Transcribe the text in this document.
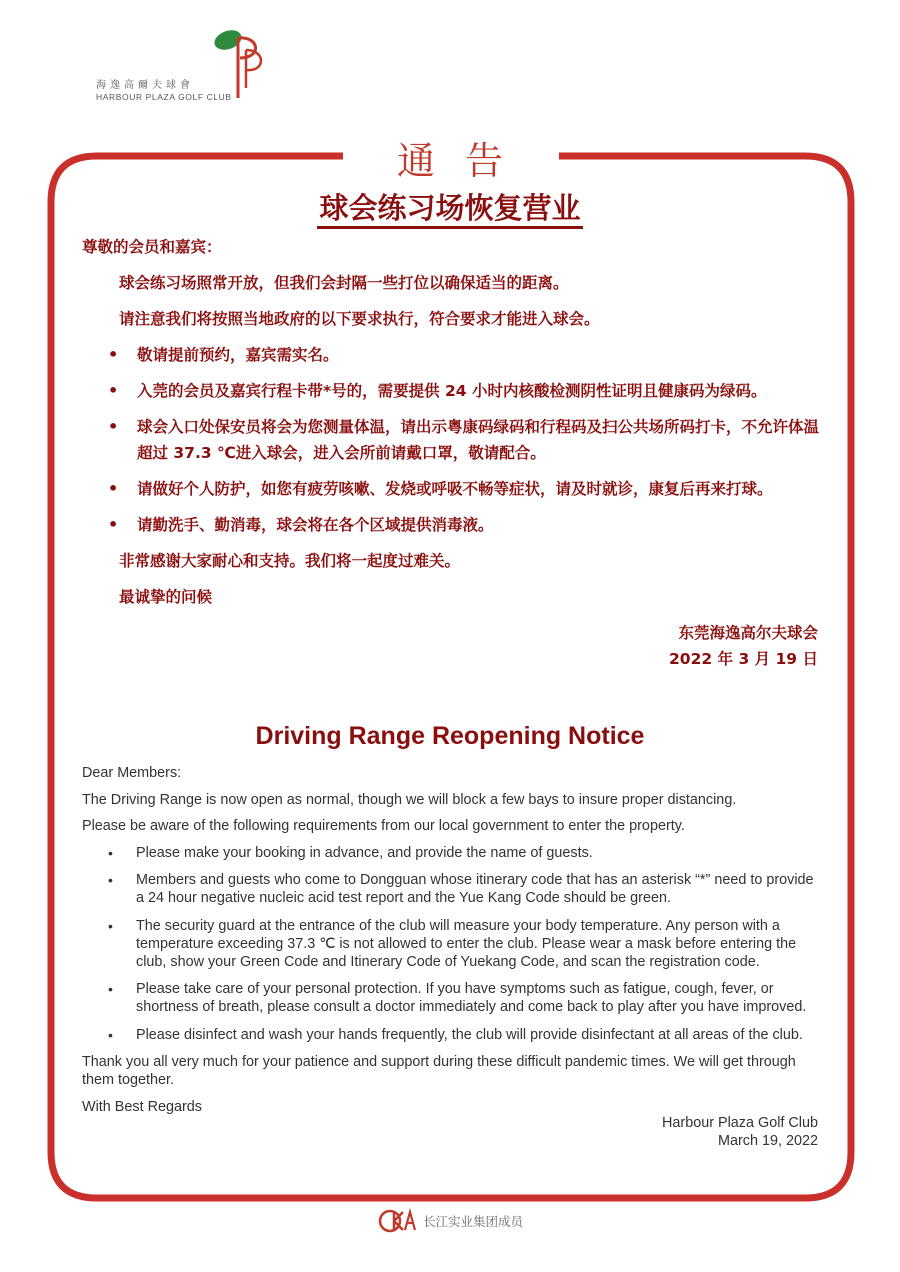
海逸高爾夫球會
HARBOUR PLAZA GOLF CLUB
通告
球会练习场恢复营业
尊敬的会员和嘉宾：
球会练习场照常开放，但我们会封隔一些打位以确保适当的距离。
请注意我们将按照当地政府的以下要求执行，符合要求才能进入球会。
• 敬请提前预约，嘉宾需实名。
• 入莞的会员及嘉宾行程卡带*号的，需要提供 24 小时内核酸检测阴性证明且健康码为绿码。
• 球会入口处保安员将会为您测量体温，请出示粤康码绿码和行程码及扫公共场所码打卡，不允许体温超过 37.3 ℃进入球会，进入会所前请戴口罩，敬请配合。
• 请做好个人防护，如您有疲劳咳嗽、发烧或呼吸不畅等症状，请及时就诊，康复后再来打球。
• 请勤洗手、勤消毒，球会将在各个区域提供消毒液。
非常感谢大家耐心和支持。我们将一起度过难关。
最诚挚的问候
东莞海逸高尔夫球会
2022 年 3 月 19 日
Driving Range Reopening Notice
Dear Members:
The Driving Range is now open as normal, though we will block a few bays to insure proper distancing.
Please be aware of the following requirements from our local government to enter the property.
• Please make your booking in advance, and provide the name of guests.
• Members and guests who come to Dongguan whose itinerary code that has an asterisk “*” need to provide a 24 hour negative nucleic acid test report and the Yue Kang Code should be green.
• The security guard at the entrance of the club will measure your body temperature. Any person with a temperature exceeding 37.3 ℃ is not allowed to enter the club. Please wear a mask before entering the club, show your Green Code and Itinerary Code of Yuekang Code, and scan the registration code.
• Please take care of your personal protection. If you have symptoms such as fatigue, cough, fever, or shortness of breath, please consult a doctor immediately and come back to play after you have improved.
• Please disinfect and wash your hands frequently, the club will provide disinfectant at all areas of the club.
Thank you all very much for your patience and support during these difficult pandemic times. We will get through them together.
With Best Regards
Harbour Plaza Golf Club
March 19, 2022
长江实业集团成员
